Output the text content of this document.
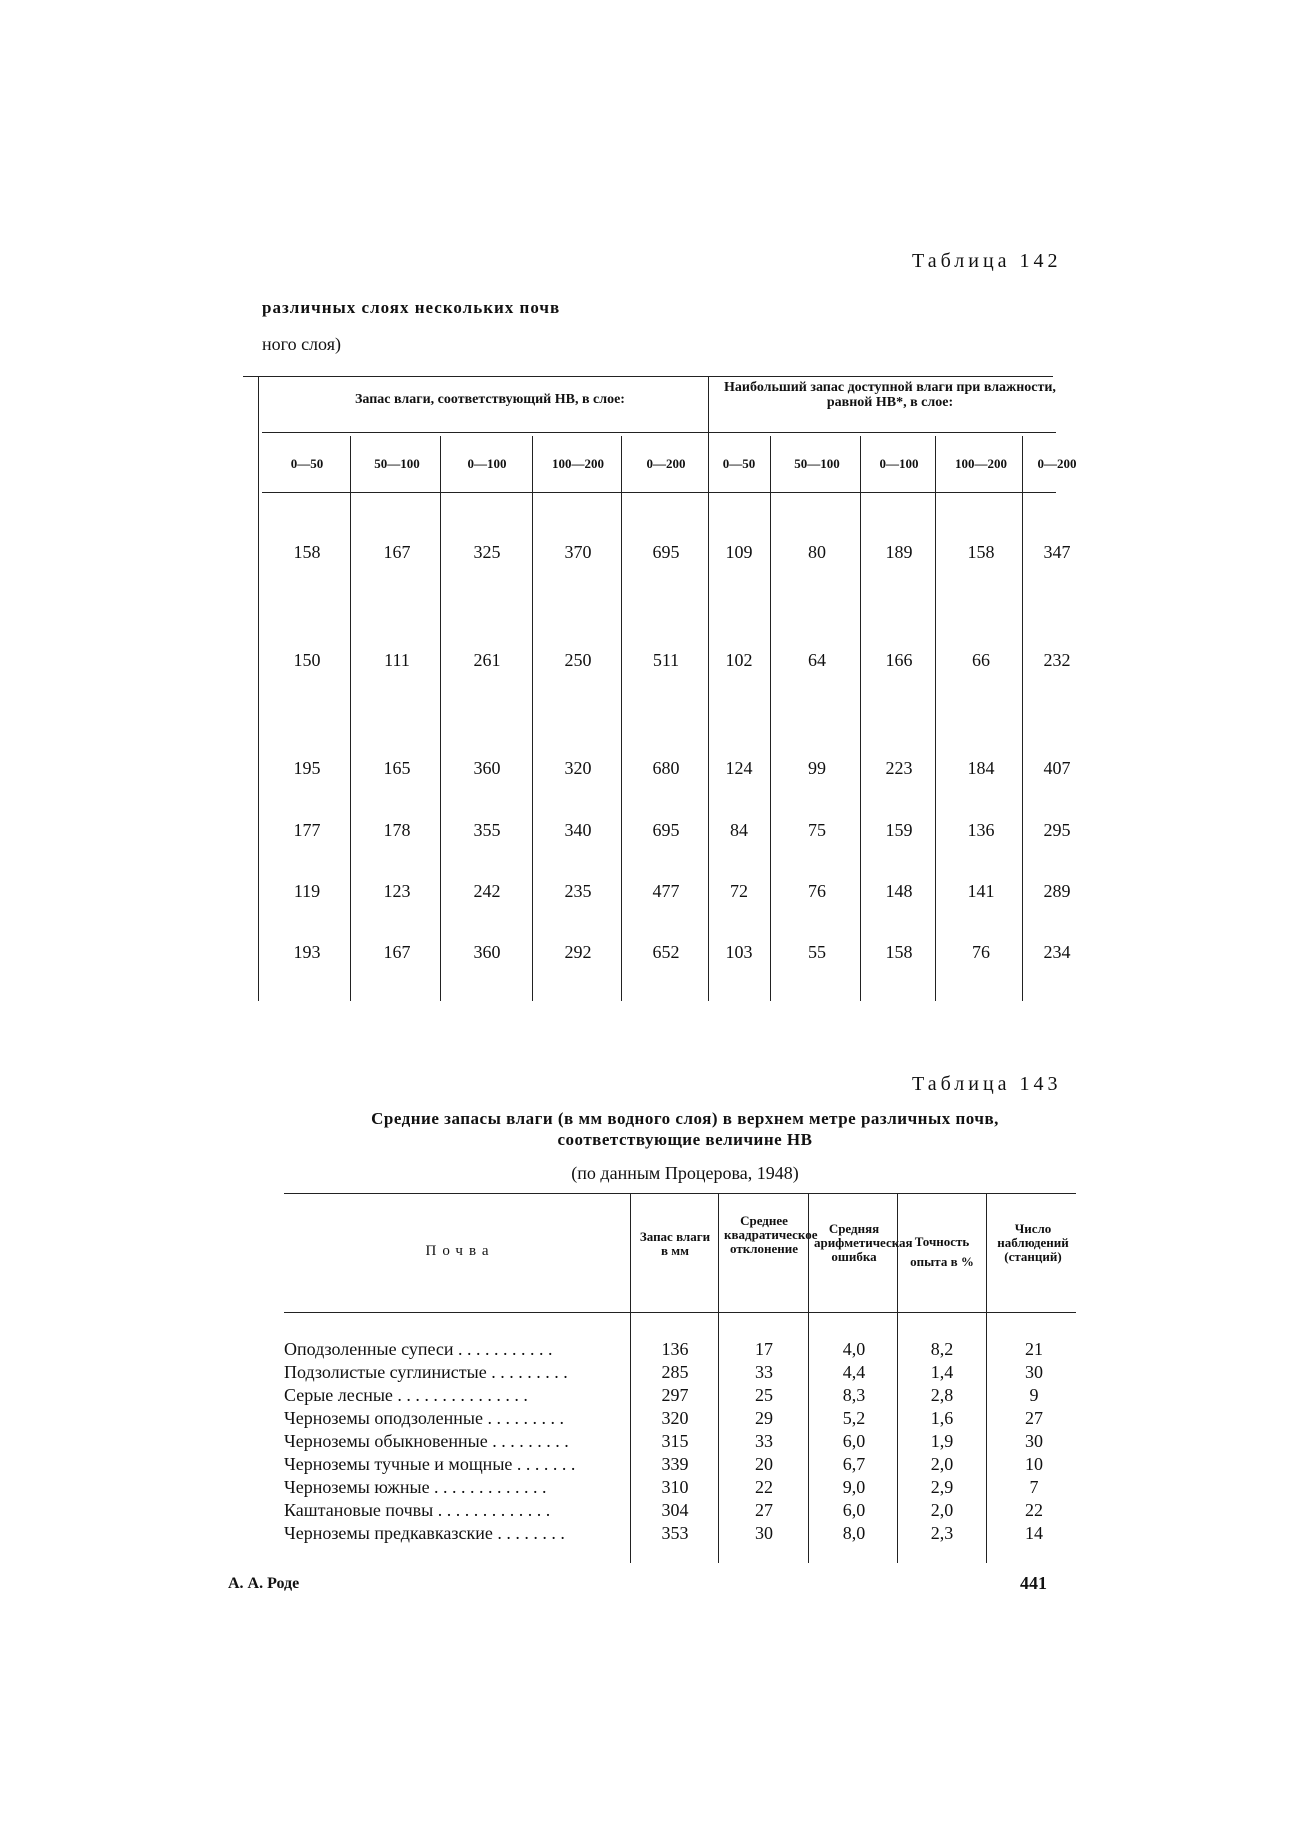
Таблица 142
различных слоях нескольких почв
ного слоя)
Запас влаги, соответствующий НВ, в слое:
Наибольший запас доступной влаги при влажности, равной НВ*, в слое:
0—50	50—100	0—100	100—200	0—200	0—50	50—100	0—100	100—200	0—200
158	167	325	370	695	109	80	189	158	347
150	111	261	250	511	102	64	166	66	232
195	165	360	320	680	124	99	223	184	407
177	178	355	340	695	84	75	159	136	295
119	123	242	235	477	72	76	148	141	289
193	167	360	292	652	103	55	158	76	234
Таблица 143
Средние запасы влаги (в мм водного слоя) в верхнем метре различных почв, соответствующие величине НВ
(по данным Процерова, 1948)
Почва
Запас влаги в мм
Среднее квадратическое отклонение
Средняя арифметическая ошибка
Точность опыта в %
Число наблюдений (станций)
Оподзоленные супеси . . . . . . . . . . .	136	17	4,0	8,2	21
Подзолистые суглинистые . . . . . . . . .	285	33	4,4	1,4	30
Серые лесные . . . . . . . . . . . . . . .	297	25	8,3	2,8	9
Черноземы оподзоленные . . . . . . . . .	320	29	5,2	1,6	27
Черноземы обыкновенные . . . . . . . . .	315	33	6,0	1,9	30
Черноземы тучные и мощные . . . . . . .	339	20	6,7	2,0	10
Черноземы южные . . . . . . . . . . . . .	310	22	9,0	2,9	7
Каштановые почвы . . . . . . . . . . . . .	304	27	6,0	2,0	22
Черноземы предкавказские . . . . . . . .	353	30	8,0	2,3	14
А. А. Роде	441
